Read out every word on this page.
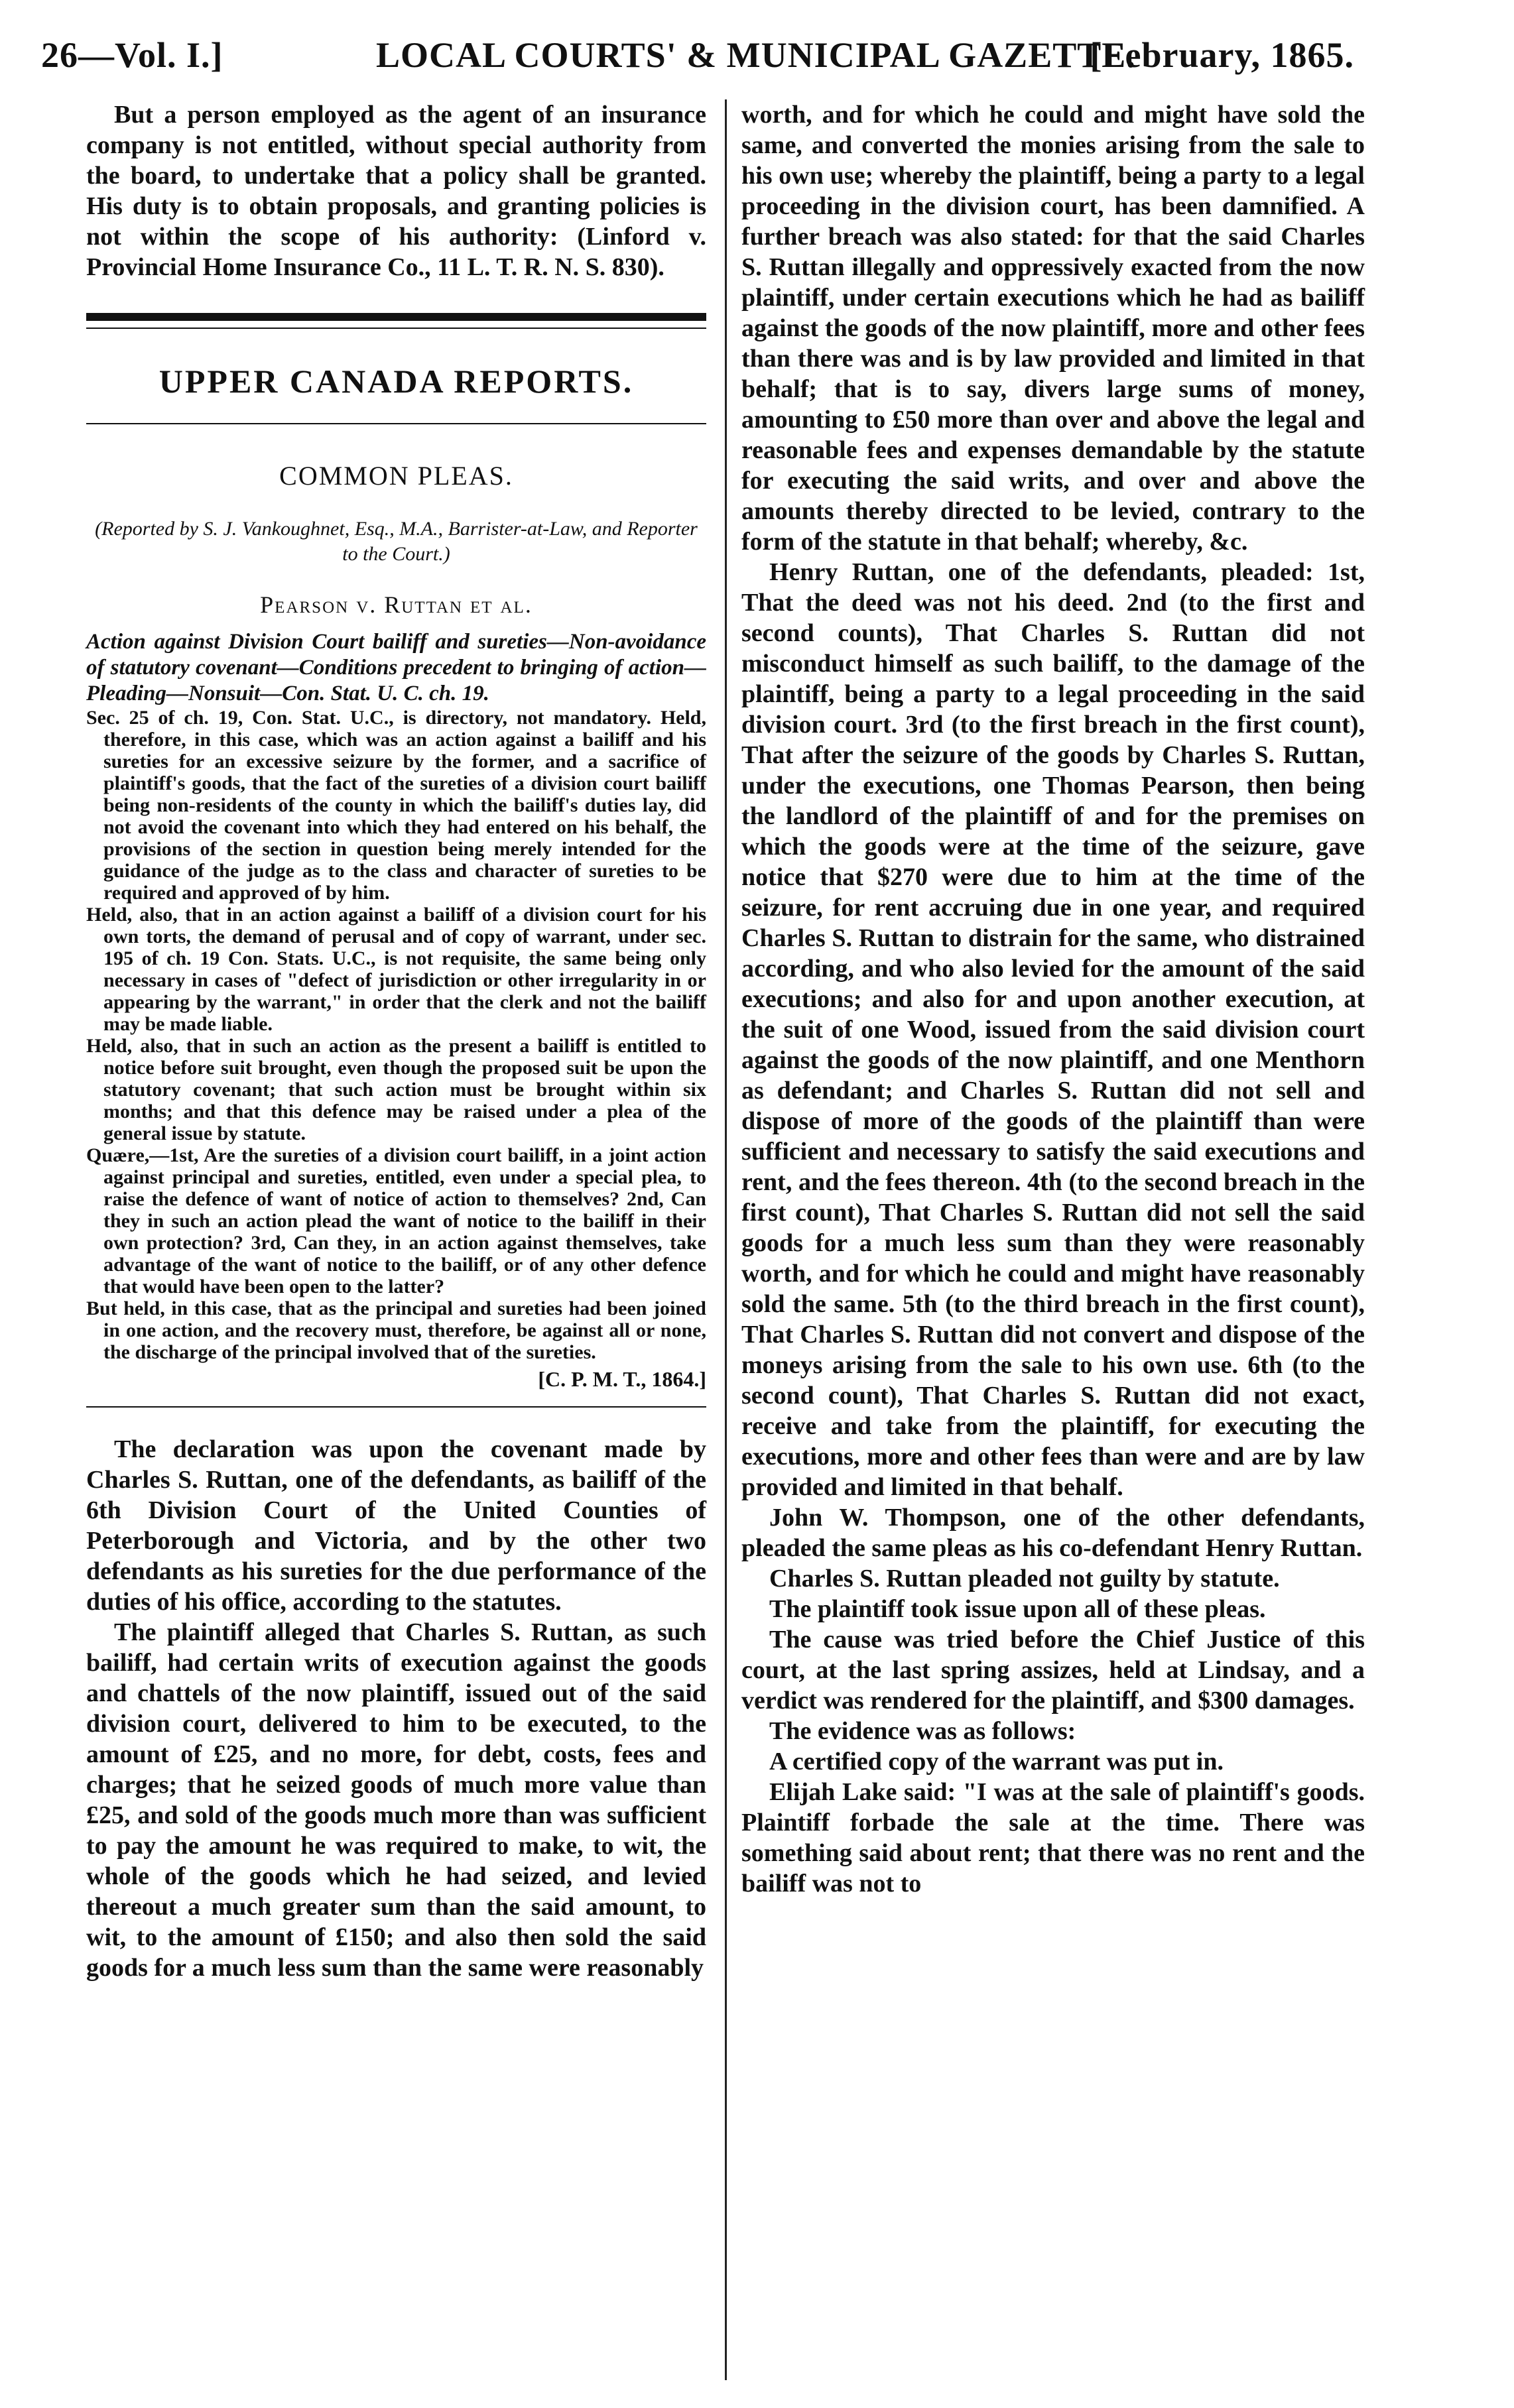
26—Vol. I.]	LOCAL COURTS' & MUNICIPAL GAZETTE.
[February, 1865.

But a person employed as the agent of an insurance company is not entitled, without special authority from the board, to undertake that a policy shall be granted. His duty is to obtain proposals, and granting policies is not within the scope of his authority: (Linford v. Provincial Home Insurance Co., 11 L. T. R. N. S. 830).

UPPER CANADA REPORTS.
COMMON PLEAS.
(Reported by S. J. Vankoughnet, Esq., M.A., Barrister-at-Law, and Reporter to the Court.)
Pearson v. Ruttan et al.

Action against Division Court bailiff and sureties—Non-avoidance of statutory covenant—Conditions precedent to bringing of action—Pleading—Nonsuit—Con. Stat. U. C. ch. 19.

Sec. 25 of ch. 19, Con. Stat. U.C., is directory, not mandatory. Held, therefore, in this case, which was an action against a bailiff and his sureties for an excessive seizure by the former, and a sacrifice of plaintiff's goods, that the fact of the sureties of a division court bailiff being non-residents of the county in which the bailiff's duties lay, did not avoid the covenant into which they had entered on his behalf, the provisions of the section in question being merely intended for the guidance of the judge as to the class and character of sureties to be required and approved of by him.

Held, also, that in an action against a bailiff of a division court for his own torts, the demand of perusal and of copy of warrant, under sec. 195 of ch. 19 Con. Stats. U.C., is not requisite, the same being only necessary in cases of "defect of jurisdiction or other irregularity in or appearing by the warrant," in order that the clerk and not the bailiff may be made liable.

Held, also, that in such an action as the present a bailiff is entitled to notice before suit brought, even though the proposed suit be upon the statutory covenant; that such action must be brought within six months; and that this defence may be raised under a plea of the general issue by statute.

Quære,—1st, Are the sureties of a division court bailiff, in a joint action against principal and sureties, entitled, even under a special plea, to raise the defence of want of notice of action to themselves? 2nd, Can they in such an action plead the want of notice to the bailiff in their own protection? 3rd, Can they, in an action against themselves, take advantage of the want of notice to the bailiff, or of any other defence that would have been open to the latter?

But held, in this case, that as the principal and sureties had been joined in one action, and the recovery must, therefore, be against all or none, the discharge of the principal involved that of the sureties.

[C. P. M. T., 1864.]

The declaration was upon the covenant made by Charles S. Ruttan, one of the defendants, as bailiff of the 6th Division Court of the United Counties of Peterborough and Victoria, and by the other two defendants as his sureties for the due performance of the duties of his office, according to the statutes.

The plaintiff alleged that Charles S. Ruttan, as such bailiff, had certain writs of execution against the goods and chattels of the now plaintiff, issued out of the said division court, delivered to him to be executed, to the amount of £25, and no more, for debt, costs, fees and charges; that he seized goods of much more value than £25, and sold of the goods much more than was sufficient to pay the amount he was required to make, to wit, the whole of the goods which he had seized, and levied thereout a much greater sum than the said amount, to wit, to the amount of £150; and also then sold the said goods for a much less sum than the same were reasonably

worth, and for which he could and might have sold the same, and converted the monies arising from the sale to his own use; whereby the plaintiff, being a party to a legal proceeding in the division court, has been damnified. A further breach was also stated: for that the said Charles S. Ruttan illegally and oppressively exacted from the now plaintiff, under certain executions which he had as bailiff against the goods of the now plaintiff, more and other fees than there was and is by law provided and limited in that behalf; that is to say, divers large sums of money, amounting to £50 more than over and above the legal and reasonable fees and expenses demandable by the statute for executing the said writs, and over and above the amounts thereby directed to be levied, contrary to the form of the statute in that behalf; whereby, &c.

Henry Ruttan, one of the defendants, pleaded: 1st, That the deed was not his deed. 2nd (to the first and second counts), That Charles S. Ruttan did not misconduct himself as such bailiff, to the damage of the plaintiff, being a party to a legal proceeding in the said division court. 3rd (to the first breach in the first count), That after the seizure of the goods by Charles S. Ruttan, under the executions, one Thomas Pearson, then being the landlord of the plaintiff of and for the premises on which the goods were at the time of the seizure, gave notice that $270 were due to him at the time of the seizure, for rent accruing due in one year, and required Charles S. Ruttan to distrain for the same, who distrained according, and who also levied for the amount of the said executions; and also for and upon another execution, at the suit of one Wood, issued from the said division court against the goods of the now plaintiff, and one Menthorn as defendant; and Charles S. Ruttan did not sell and dispose of more of the goods of the plaintiff than were sufficient and necessary to satisfy the said executions and rent, and the fees thereon. 4th (to the second breach in the first count), That Charles S. Ruttan did not sell the said goods for a much less sum than they were reasonably worth, and for which he could and might have reasonably sold the same. 5th (to the third breach in the first count), That Charles S. Ruttan did not convert and dispose of the moneys arising from the sale to his own use. 6th (to the second count), That Charles S. Ruttan did not exact, receive and take from the plaintiff, for executing the executions, more and other fees than were and are by law provided and limited in that behalf.

John W. Thompson, one of the other defendants, pleaded the same pleas as his co-defendant Henry Ruttan.

Charles S. Ruttan pleaded not guilty by statute.

The plaintiff took issue upon all of these pleas.

The cause was tried before the Chief Justice of this court, at the last spring assizes, held at Lindsay, and a verdict was rendered for the plaintiff, and $300 damages.

The evidence was as follows:

A certified copy of the warrant was put in.

Elijah Lake said: "I was at the sale of plaintiff's goods. Plaintiff forbade the sale at the time. There was something said about rent; that there was no rent and the bailiff was not to
